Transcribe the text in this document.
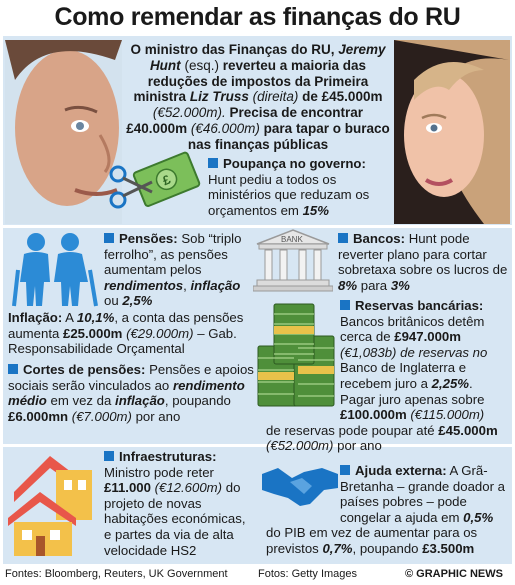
Como remendar as finanças do RU
O ministro das Finanças do RU, Jeremy Hunt (esq.) reverteu a maioria das reduções de impostos da Primeira ministra Liz Truss (direita) de £45.000m (€52.000m). Precisa de encontrar £40.000m (€46.000m) para tapar o buraco nas finanças públicas
£
Poupança no governo:
Hunt pediu a todos os ministérios que reduzam os orçamentos em 15%
Pensões: Sob “triplo ferrolho”, as pensões aumentam pelos rendimentos, inflação ou 2,5%
Inflação: A 10,1%, a conta das pensões aumenta £25.000m (€29.000m) – Gab. Responsabilidade Orçamental
Cortes de pensões: Pensões e apoios sociais serão vinculados ao rendimento médio em vez da inflação, poupando £6.000mn (€7.000m) por ano
BANK	Bancos: Hunt pode reverter plano para cortar sobretaxa sobre os lucros de 8% para 3%
Reservas bancárias: Bancos britânicos detêm cerca de £947.000m (€1,083b) de reservas no Banco de Inglaterra e recebem juro a 2,25%. Pagar juro apenas sobre £100.000m (€115.000m)
de reservas pode poupar até £45.000m (€52.000m) por ano
Infraestruturas: Ministro pode reter £11.000 (€12.600m) do projeto de novas habitações económicas, e partes da via de alta velocidade HS2
Ajuda externa: A Grã-Bretanha – grande doador a países pobres – pode congelar a ajuda em 0,5%
do PIB em vez de aumentar para os previstos 0,7%, poupando £3.500m
Fontes: Bloomberg, Reuters, UK Government	Fotos: Getty Images	© GRAPHIC NEWS
